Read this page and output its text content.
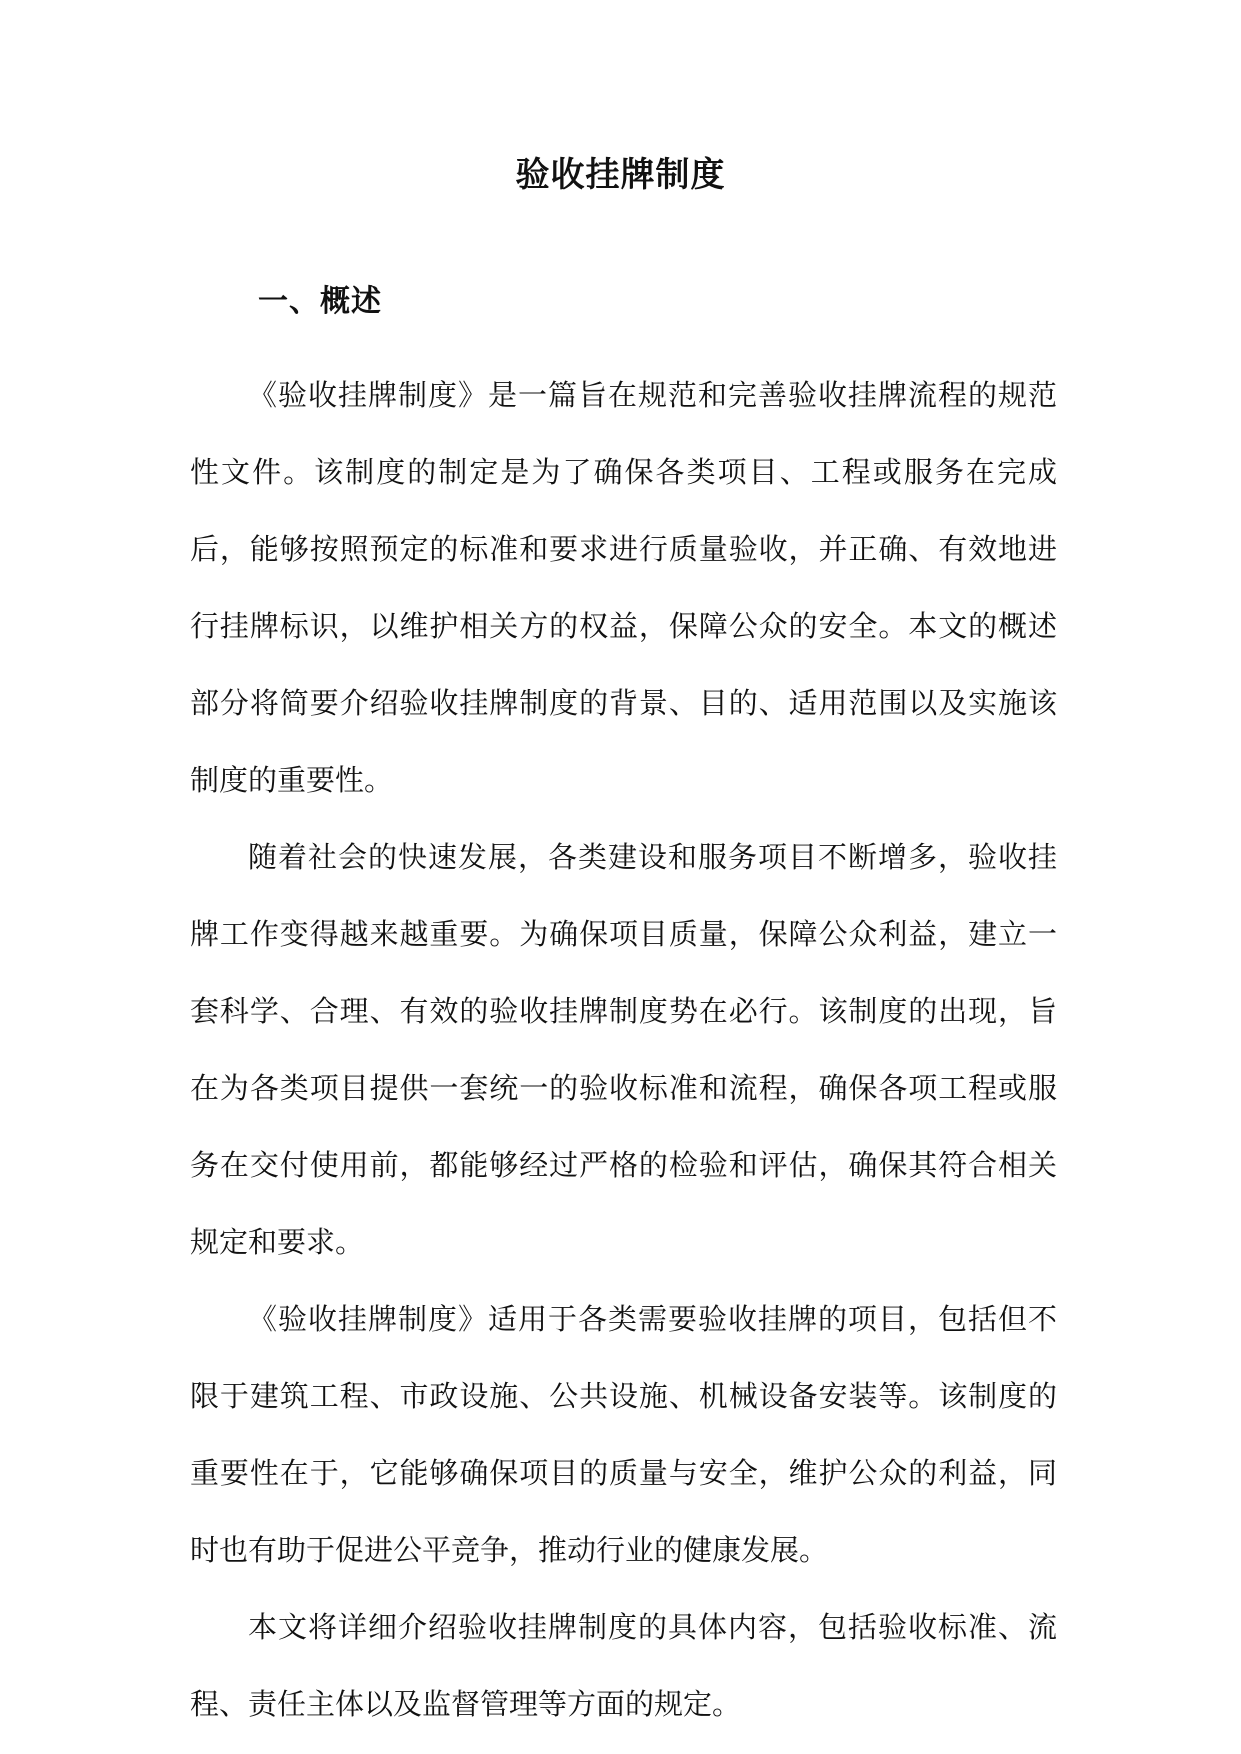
验收挂牌制度
一、概述

《验收挂牌制度》是一篇旨在规范和完善验收挂牌流程的规范性文件。该制度的制定是为了确保各类项目、工程或服务在完成后，能够按照预定的标准和要求进行质量验收，并正确、有效地进行挂牌标识，以维护相关方的权益，保障公众的安全。本文的概述部分将简要介绍验收挂牌制度的背景、目的、适用范围以及实施该制度的重要性。

随着社会的快速发展，各类建设和服务项目不断增多，验收挂牌工作变得越来越重要。为确保项目质量，保障公众利益，建立一套科学、合理、有效的验收挂牌制度势在必行。该制度的出现，旨在为各类项目提供一套统一的验收标准和流程，确保各项工程或服务在交付使用前，都能够经过严格的检验和评估，确保其符合相关规定和要求。

《验收挂牌制度》适用于各类需要验收挂牌的项目，包括但不限于建筑工程、市政设施、公共设施、机械设备安装等。该制度的重要性在于，它能够确保项目的质量与安全，维护公众的利益，同时也有助于促进公平竞争，推动行业的健康发展。

本文将详细介绍验收挂牌制度的具体内容，包括验收标准、流程、责任主体以及监督管理等方面的规定。
